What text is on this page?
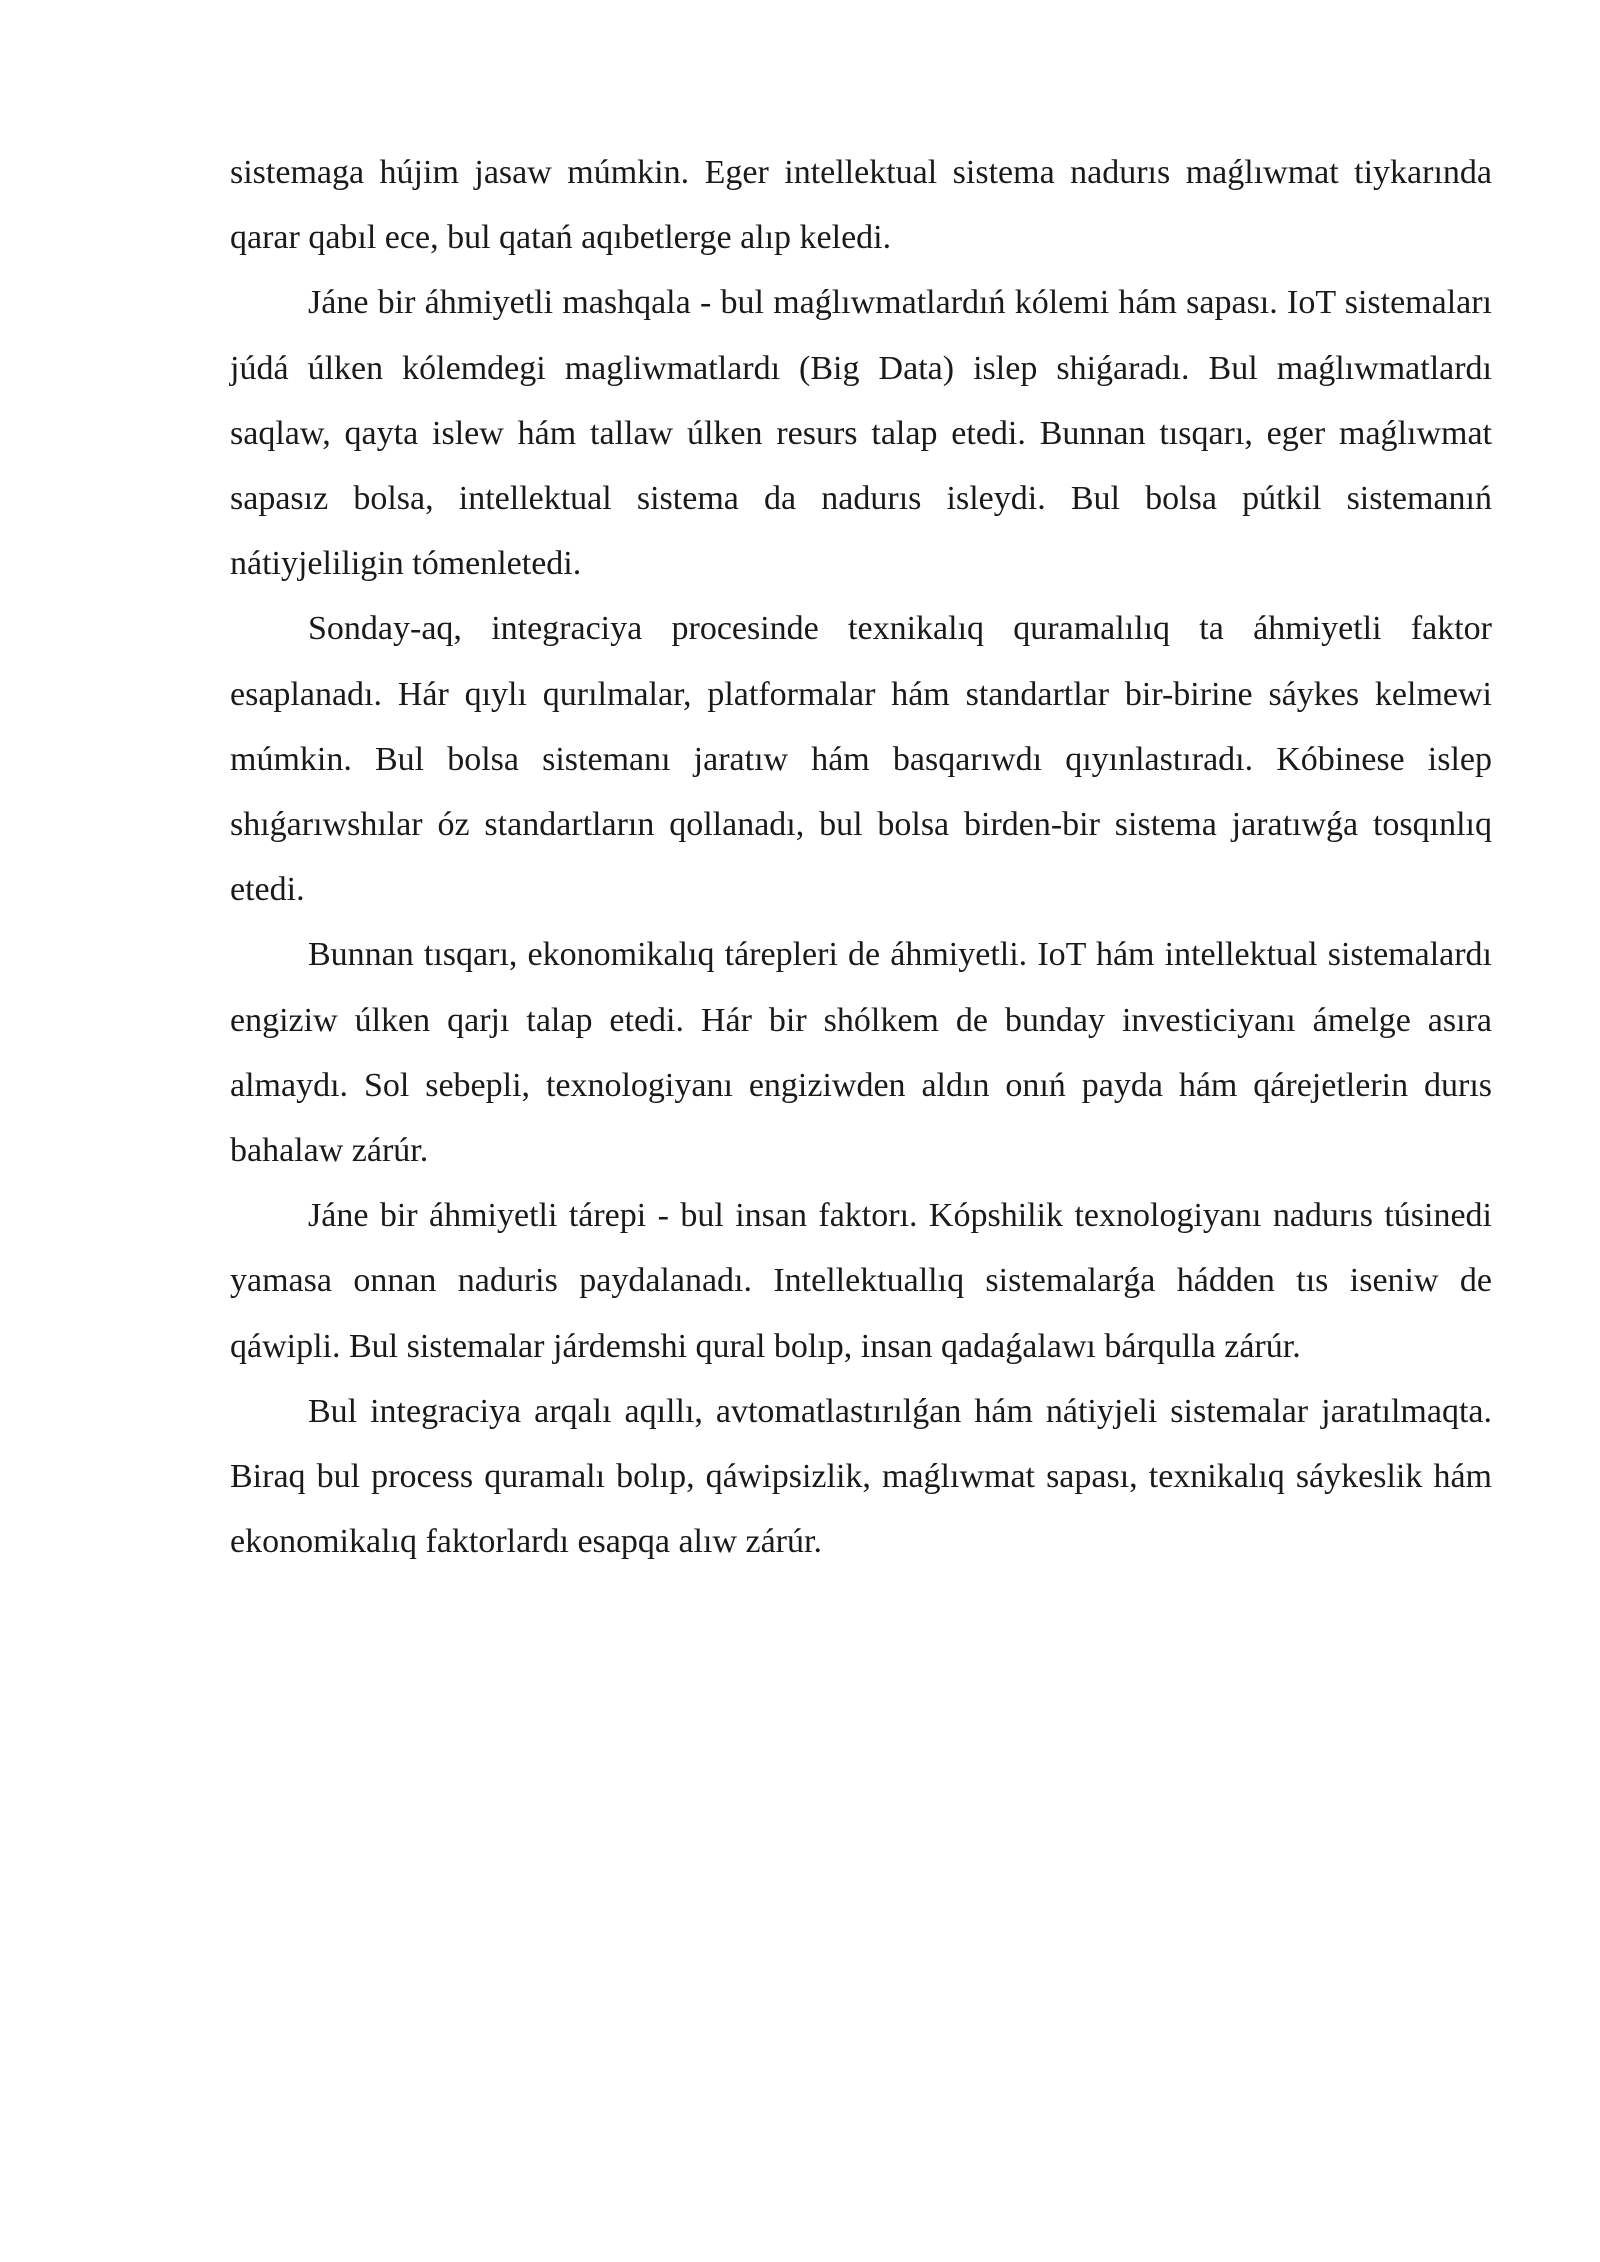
sistemaga hújim jasaw múmkin. Eger intellektual sistema nadurıs maǵlıwmat tiykarında qarar qabıl ece, bul qatań aqıbetlerge alıp keledi.

Jáne bir áhmiyetli mashqala - bul maǵlıwmatlardıń kólemi hám sapası. IoT sistemaları júdá úlken kólemdegi magliwmatlardı (Big Data) islep shiǵaradı. Bul maǵlıwmatlardı saqlaw, qayta islew hám tallaw úlken resurs talap etedi. Bunnan tısqarı, eger maǵlıwmat sapasız bolsa, intellektual sistema da nadurıs isleydi. Bul bolsa pútkil sistemanıń nátiyjeliligin tómenletedi.

Sonday-aq, integraciya procesinde texnikalıq quramalılıq ta áhmiyetli faktor esaplanadı. Hár qıylı qurılmalar, platformalar hám standartlar bir-birine sáykes kelmewi múmkin. Bul bolsa sistemanı jaratıw hám basqarıwdı qıyınlastıradı. Kóbinese islep shıǵarıwshılar óz standartların qollanadı, bul bolsa birden-bir sistema jaratıwǵa tosqınlıq etedi.

Bunnan tısqarı, ekonomikalıq tárepleri de áhmiyetli. IoT hám intellektual sistemalardı engiziw úlken qarjı talap etedi. Hár bir shólkem de bunday investiciyanı ámelge asıra almaydı. Sol sebepli, texnologiyanı engiziwden aldın onıń payda hám qárejetlerin durıs bahalaw zárúr.

Jáne bir áhmiyetli tárepi - bul insan faktorı. Kópshilik texnologiyanı nadurıs túsinedi yamasa onnan naduris paydalanadı. Intellektuallıq sistemalarǵa hádden tıs iseniw de qáwipli. Bul sistemalar járdemshi qural bolıp, insan qadaǵalawı bárqulla zárúr.

Bul integraciya arqalı aqıllı, avtomatlastırılǵan hám nátiyjeli sistemalar jaratılmaqta. Biraq bul process quramalı bolıp, qáwipsizlik, maǵlıwmat sapası, texnikalıq sáykeslik hám ekonomikalıq faktorlardı esapqa alıw zárúr.
